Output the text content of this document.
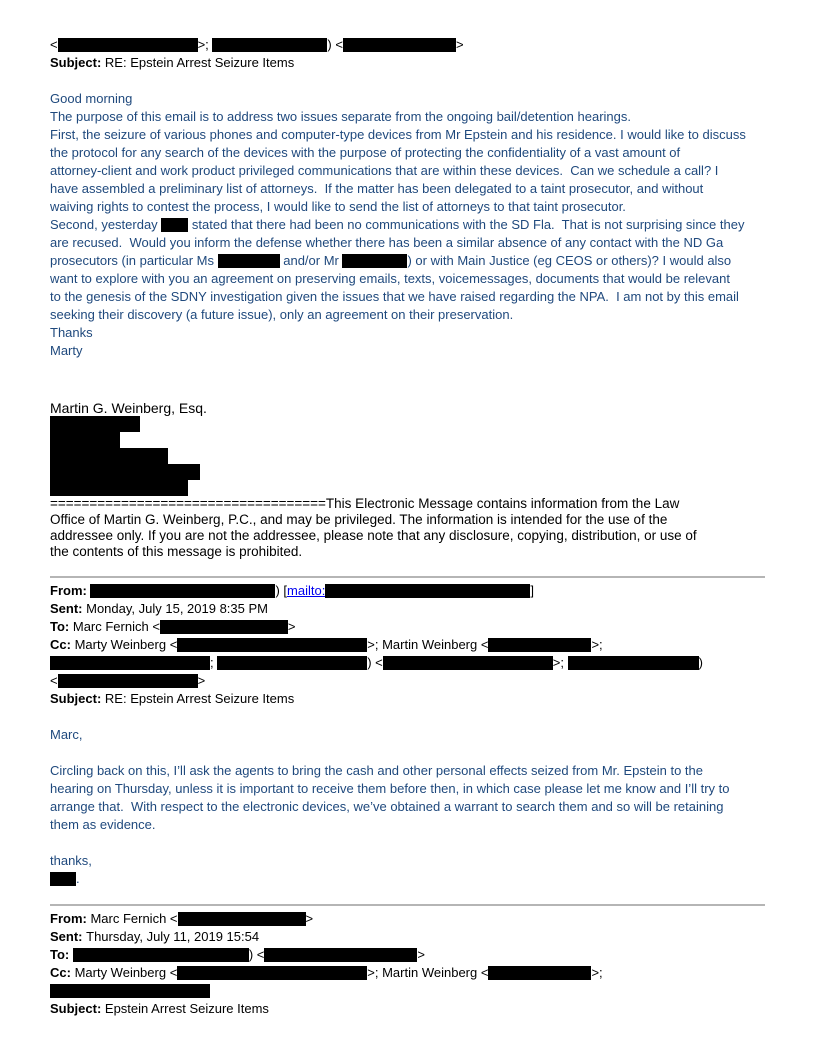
<	>;	) <	>
Subject: RE: Epstein Arrest Seizure Items
Good morning
The purpose of this email is to address two issues separate from the ongoing bail/detention hearings.
First, the seizure of various phones and computer-type devices from Mr Epstein and his residence. I would like to discuss
the protocol for any search of the devices with the purpose of protecting the confidentiality of a vast amount of
attorney-client and work product privileged communications that are within these devices.  Can we schedule a call? I
have assembled a preliminary list of attorneys.  If the matter has been delegated to a taint prosecutor, and without
waiving rights to contest the process, I would like to send the list of attorneys to that taint prosecutor.
Second, yesterday  stated that there had been no communications with the SD Fla.  That is not surprising since they
are recused.  Would you inform the defense whether there has been a similar absence of any contact with the ND Ga
prosecutors (in particular Ms	and/or Mr	) or with Main Justice (eg CEOS or others)? I would also
want to explore with you an agreement on preserving emails, texts, voicemessages, documents that would be relevant
to the genesis of the SDNY investigation given the issues that we have raised regarding the NPA.  I am not by this email
seeking their discovery (a future issue), only an agreement on their preservation.
Thanks
Marty
Martin G. Weinberg, Esq.
===================================This Electronic Message contains information from the Law
Office of Martin G. Weinberg, P.C., and may be privileged. The information is intended for the use of the
addressee only. If you are not the addressee, please note that any disclosure, copying, distribution, or use of
the contents of this message is prohibited.
From:	) [mailto:	]
Sent: Monday, July 15, 2019 8:35 PM
To: Marc Fernich <	>
Cc: Marty Weinberg <	>; Martin Weinberg <	>;
;	) <	>;	)
<	>
Subject: RE: Epstein Arrest Seizure Items
Marc,
Circling back on this, I’ll ask the agents to bring the cash and other personal effects seized from Mr. Epstein to the
hearing on Thursday, unless it is important to receive them before then, in which case please let me know and I’ll try to
arrange that.  With respect to the electronic devices, we’ve obtained a warrant to search them and so will be retaining
them as evidence.
thanks,
.
From: Marc Fernich <	>
Sent: Thursday, July 11, 2019 15:54
To:	) <	>
Cc: Marty Weinberg <	>; Martin Weinberg <	>;
Subject: Epstein Arrest Seizure Items
